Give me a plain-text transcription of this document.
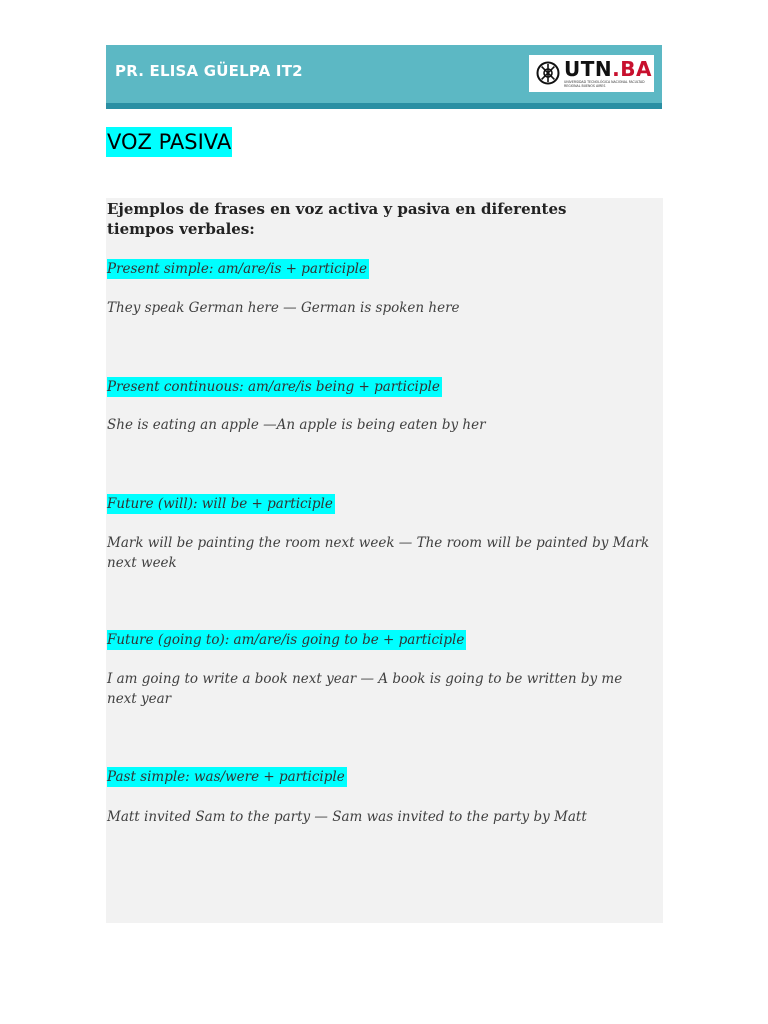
PR. ELISA GÜELPA IT2	UTN.BA
UNIVERSIDAD TECNOLÓGICA NACIONAL FACULTAD REGIONAL BUENOS AIRES
VOZ PASIVA
Ejemplos de frases en voz activa y pasiva en diferentes tiempos verbales:
Present simple: am/are/is + participle
They speak German here — German is spoken here
Present continuous: am/are/is being + participle
She is eating an apple —An apple is being eaten by her
Future (will): will be + participle
Mark will be painting the room next week — The room will be painted by Mark next week
Future (going to): am/are/is going to be + participle
I am going to write a book next year — A book is going to be written by me next year
Past simple: was/were + participle
Matt invited Sam to the party — Sam was invited to the party by Matt
